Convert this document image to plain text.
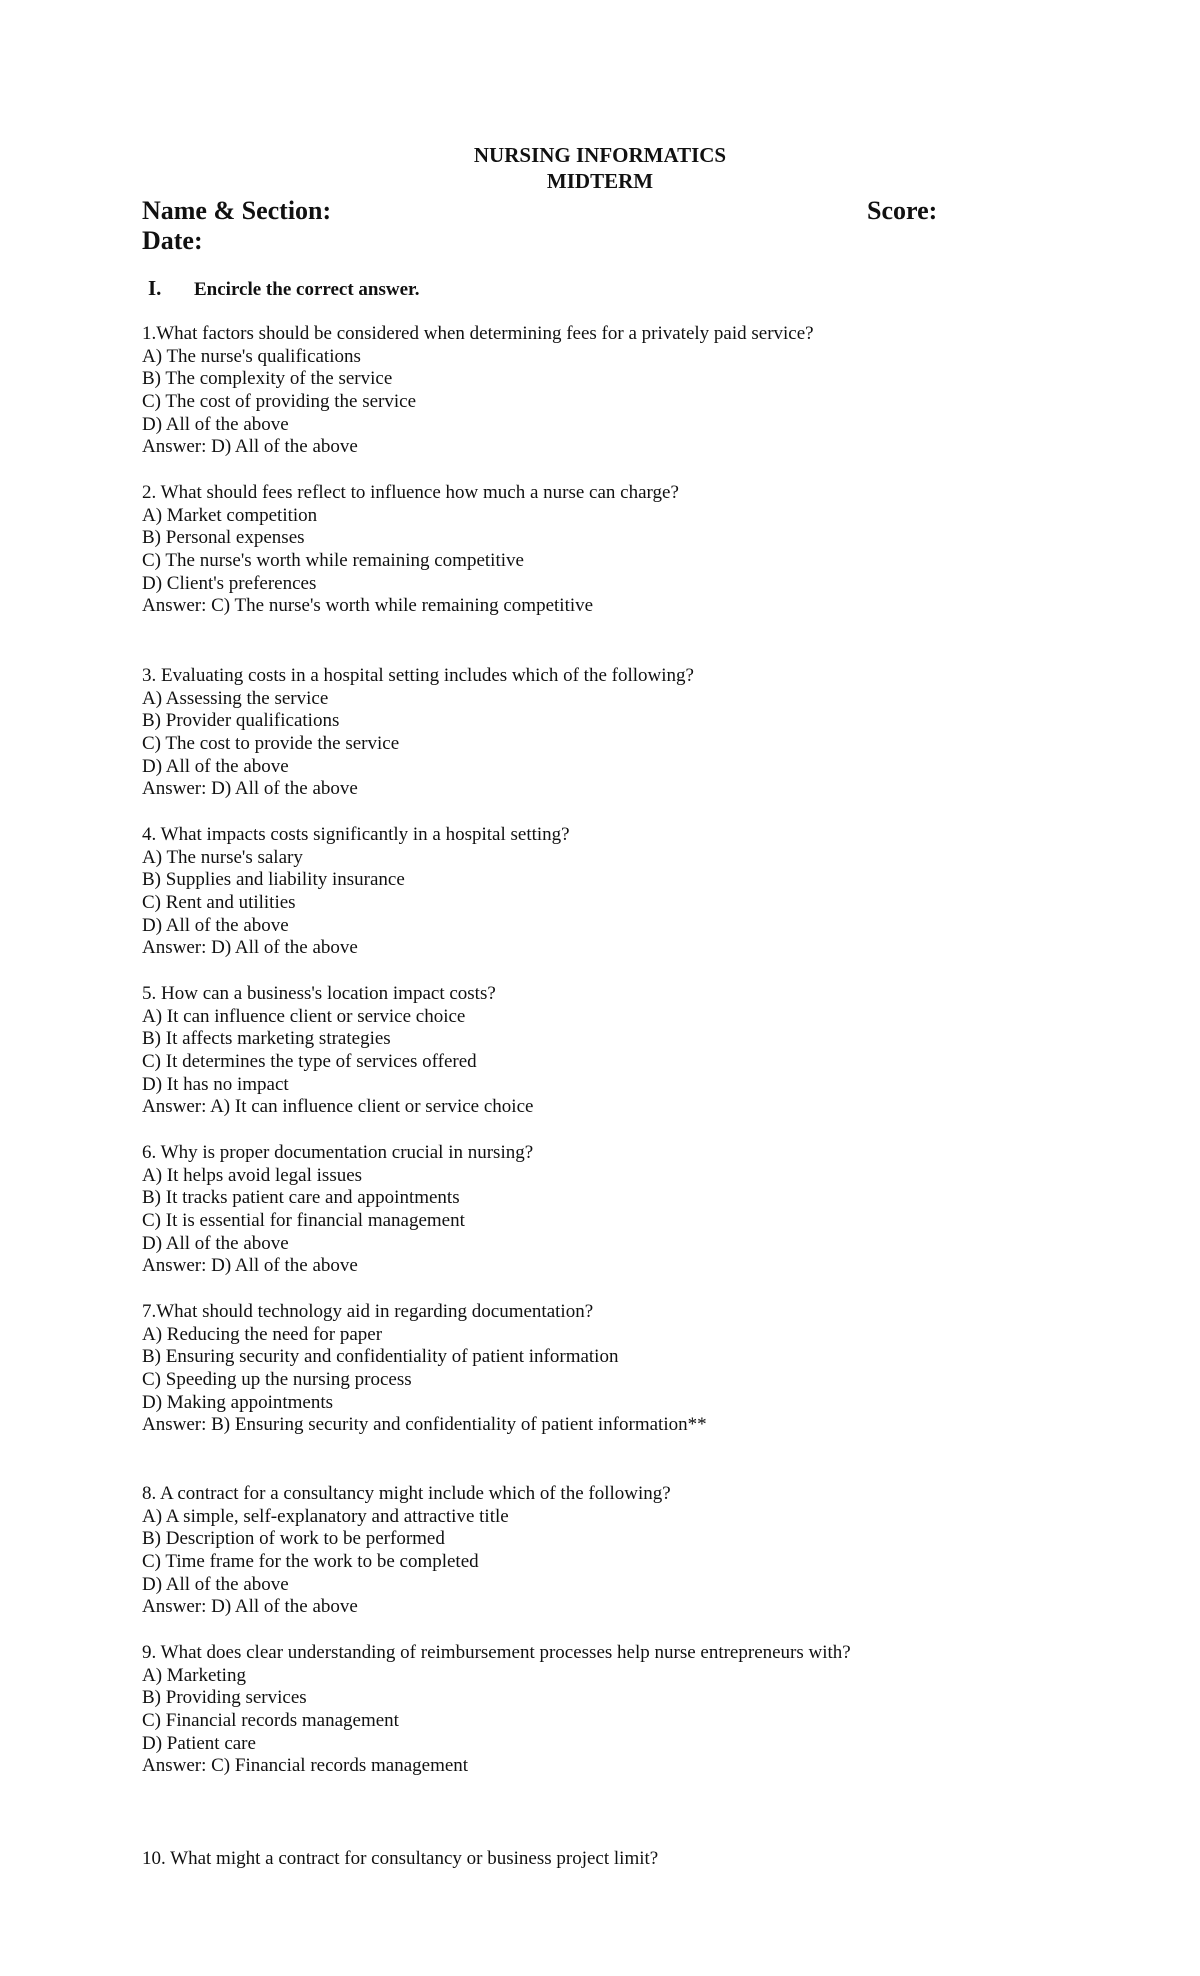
NURSING INFORMATICS
MIDTERM
Name & Section:	Score:
Date:
I. Encircle the correct answer.
1.What factors should be considered when determining fees for a privately paid service?
A) The nurse's qualifications
B) The complexity of the service
C) The cost of providing the service
D) All of the above
Answer: D) All of the above
2. What should fees reflect to influence how much a nurse can charge?
A) Market competition
B) Personal expenses
C) The nurse's worth while remaining competitive
D) Client's preferences
Answer: C) The nurse's worth while remaining competitive
3. Evaluating costs in a hospital setting includes which of the following?
A) Assessing the service
B) Provider qualifications
C) The cost to provide the service
D) All of the above
Answer: D) All of the above
4. What impacts costs significantly in a hospital setting?
A) The nurse's salary
B) Supplies and liability insurance
C) Rent and utilities
D) All of the above
Answer: D) All of the above
5. How can a business's location impact costs?
A) It can influence client or service choice
B) It affects marketing strategies
C) It determines the type of services offered
D) It has no impact
Answer: A) It can influence client or service choice
6. Why is proper documentation crucial in nursing?
A) It helps avoid legal issues
B) It tracks patient care and appointments
C) It is essential for financial management
D) All of the above
Answer: D) All of the above
7.What should technology aid in regarding documentation?
A) Reducing the need for paper
B) Ensuring security and confidentiality of patient information
C) Speeding up the nursing process
D) Making appointments
Answer: B) Ensuring security and confidentiality of patient information**
8. A contract for a consultancy might include which of the following?
A) A simple, self-explanatory and attractive title
B) Description of work to be performed
C) Time frame for the work to be completed
D) All of the above
Answer: D) All of the above
9. What does clear understanding of reimbursement processes help nurse entrepreneurs with?
A) Marketing
B) Providing services
C) Financial records management
D) Patient care
Answer: C) Financial records management
10. What might a contract for consultancy or business project limit?
